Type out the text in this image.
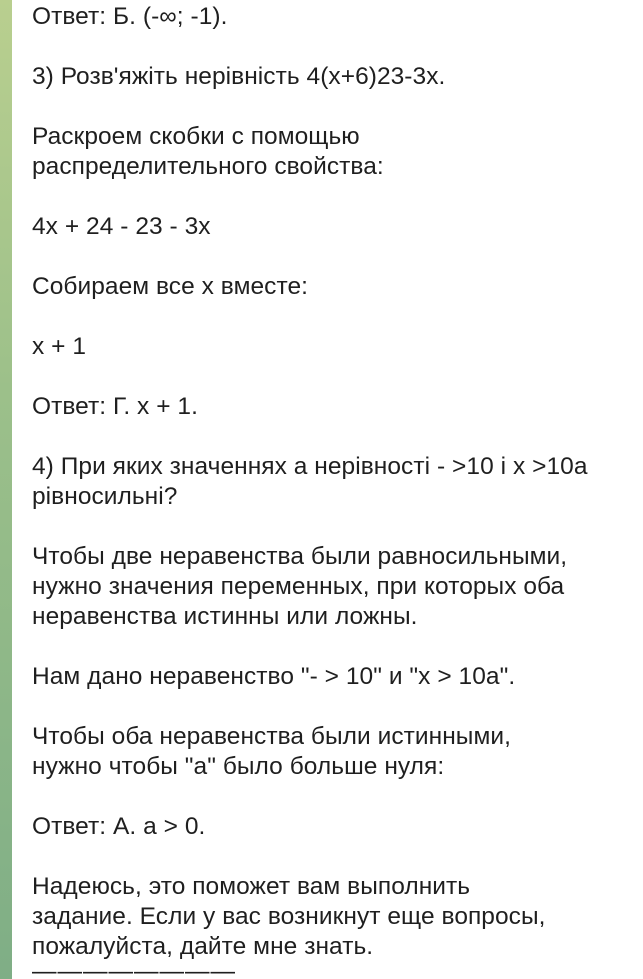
Ответ: Б. (-∞; -1).
3) Розв'яжіть нерівність 4(x+6)23-3x.
Раскроем скобки с помощью
распределительного свойства:
4x + 24 - 23 - 3x
Собираем все x вместе:
x + 1
Ответ: Г. x + 1.
4) При яких значеннях а нерівності - >10 і x >10a
рівносильні?
Чтобы две неравенства были равносильными,
нужно значения переменных, при которых оба
неравенства истинны или ложны.
Нам дано неравенство "- > 10" и "x > 10a".
Чтобы оба неравенства были истинными,
нужно чтобы "a" было больше нуля:
Ответ: А. a > 0.
Надеюсь, это поможет вам выполнить
задание. Если у вас возникнут еще вопросы,
пожалуйста, дайте мне знать.
————————
